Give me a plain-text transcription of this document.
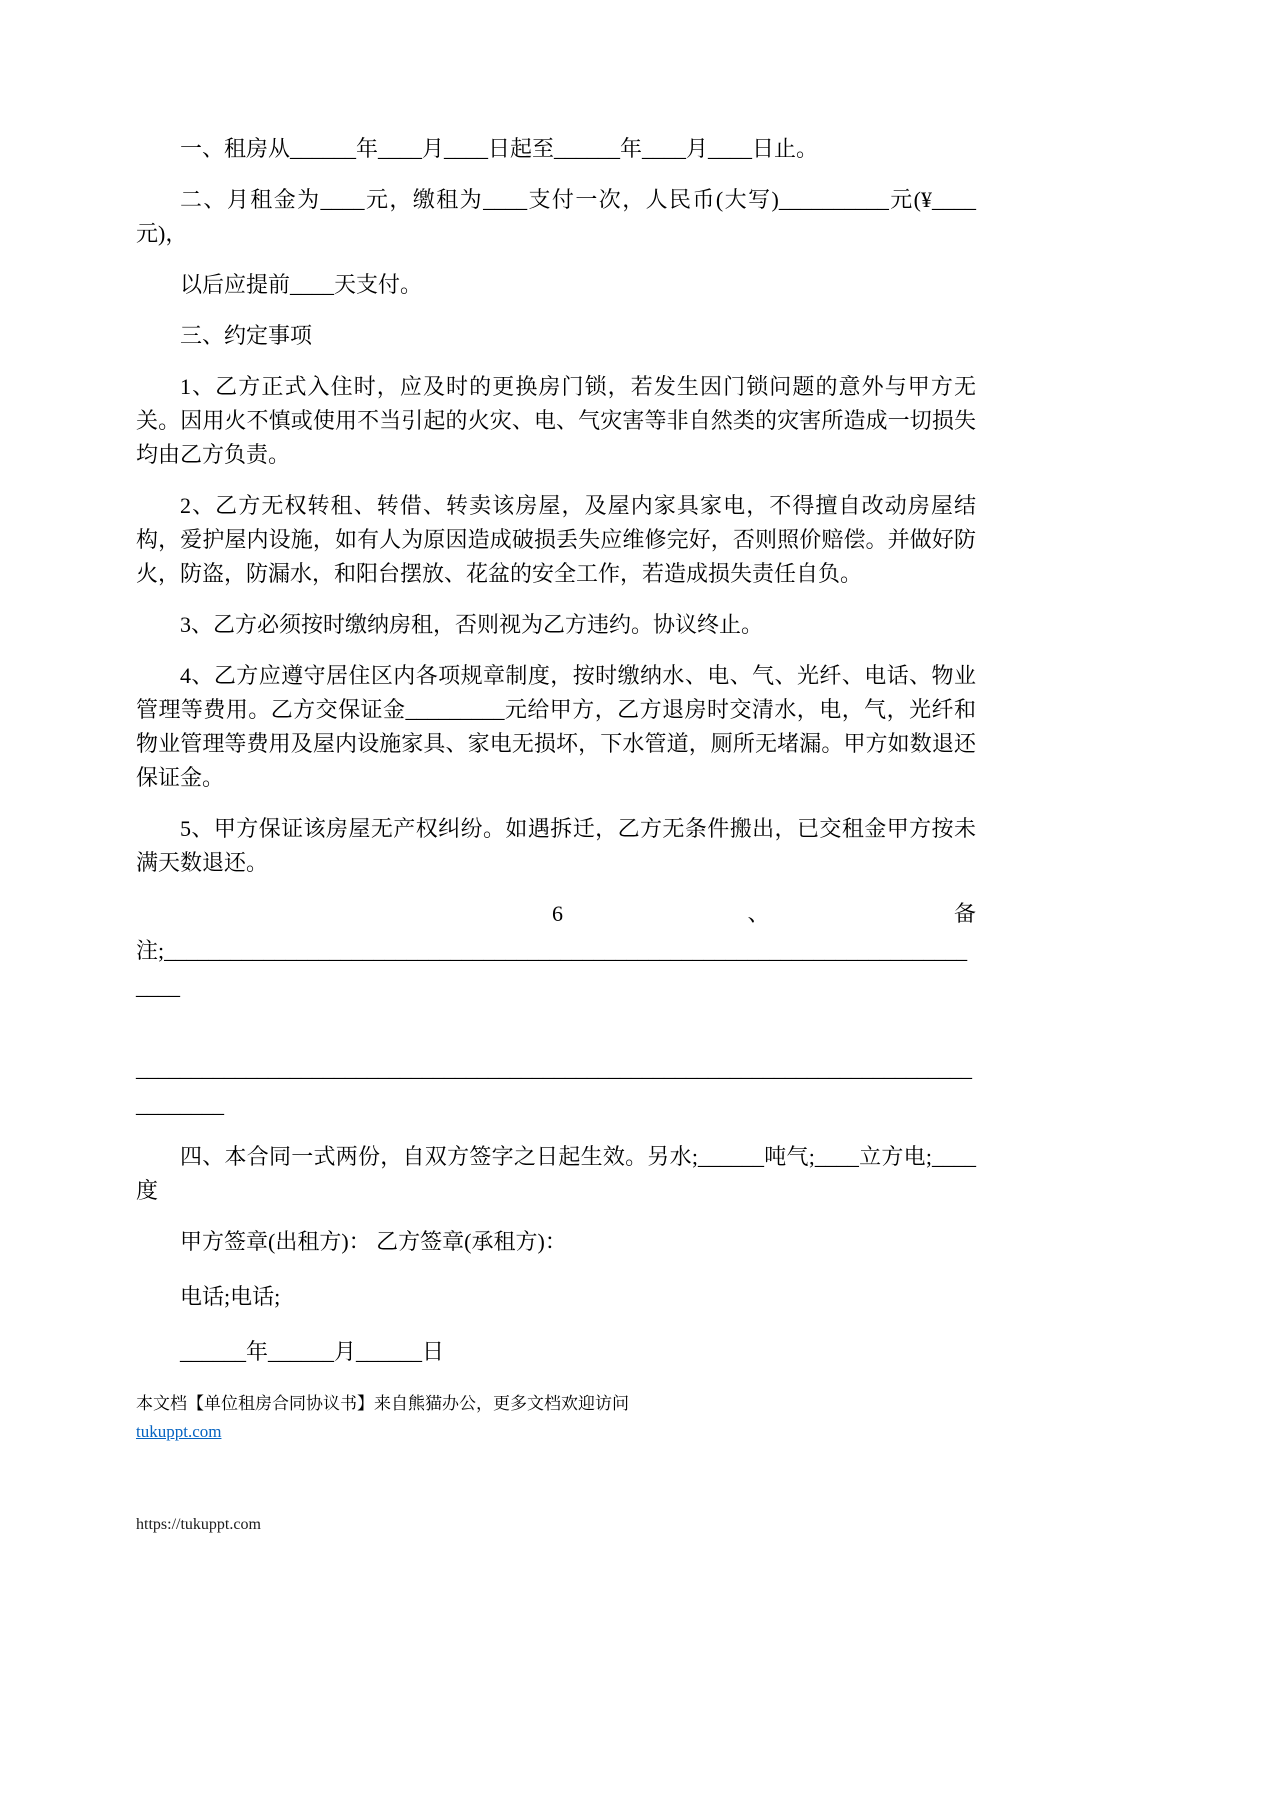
一、租房从______年____月____日起至______年____月____日止。

二、月租金为____元，缴租为____支付一次，人民币(大写)__________元(¥____元)，

以后应提前____天支付。

三、约定事项

1、乙方正式入住时，应及时的更换房门锁，若发生因门锁问题的意外与甲方无关。因用火不慎或使用不当引起的火灾、电、气灾害等非自然类的灾害所造成一切损失均由乙方负责。

2、乙方无权转租、转借、转卖该房屋，及屋内家具家电，不得擅自改动房屋结构，爱护屋内设施，如有人为原因造成破损丢失应维修完好，否则照价赔偿。并做好防火，防盗，防漏水，和阳台摆放、花盆的安全工作，若造成损失责任自负。

3、乙方必须按时缴纳房租，否则视为乙方违约。协议终止。

4、乙方应遵守居住区内各项规章制度，按时缴纳水、电、气、光纤、电话、物业管理等费用。乙方交保证金_________元给甲方，乙方退房时交清水，电，气，光纤和物业管理等费用及屋内设施家具、家电无损坏，下水管道，厕所无堵漏。甲方如数退还保证金。

5、甲方保证该房屋无产权纠纷。如遇拆迁，乙方无条件搬出，已交租金甲方按未满天数退还。

6	、	备

注;_____________________________________________________________________________

____________________________________________________________________________________

四、本合同一式两份，自双方签字之日起生效。另水;______吨气;____立方电;____度

甲方签章(出租方)： 乙方签章(承租方)：

电话;电话;

______年______月______日

本文档【单位租房合同协议书】来自熊猫办公，更多文档欢迎访问
tukuppt.com

https://tukuppt.com
